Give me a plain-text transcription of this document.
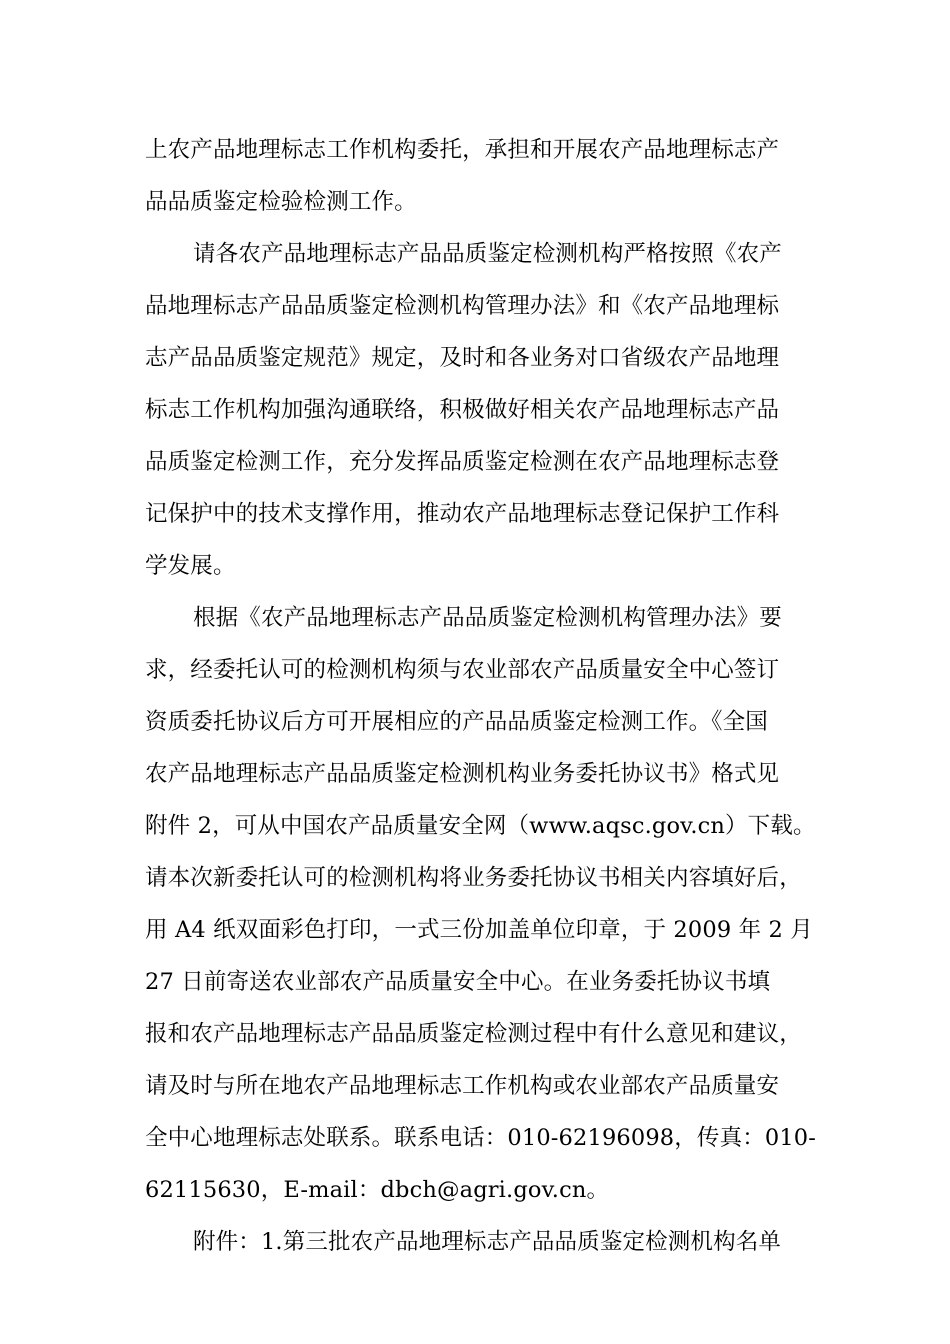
上农产品地理标志工作机构委托，承担和开展农产品地理标志产
品品质鉴定检验检测工作。
请各农产品地理标志产品品质鉴定检测机构严格按照《农产
品地理标志产品品质鉴定检测机构管理办法》和《农产品地理标
志产品品质鉴定规范》规定，及时和各业务对口省级农产品地理
标志工作机构加强沟通联络，积极做好相关农产品地理标志产品
品质鉴定检测工作，充分发挥品质鉴定检测在农产品地理标志登
记保护中的技术支撑作用，推动农产品地理标志登记保护工作科
学发展。
根据《农产品地理标志产品品质鉴定检测机构管理办法》要
求，经委托认可的检测机构须与农业部农产品质量安全中心签订
资质委托协议后方可开展相应的产品品质鉴定检测工作。《全国
农产品地理标志产品品质鉴定检测机构业务委托协议书》格式见
附件 2，可从中国农产品质量安全网（www.aqsc.gov.cn）下载。
请本次新委托认可的检测机构将业务委托协议书相关内容填好后，
用 A4 纸双面彩色打印，一式三份加盖单位印章，于 2009 年 2 月
27 日前寄送农业部农产品质量安全中心。在业务委托协议书填
报和农产品地理标志产品品质鉴定检测过程中有什么意见和建议，
请及时与所在地农产品地理标志工作机构或农业部农产品质量安
全中心地理标志处联系。联系电话：010-62196098，传真：010-
62115630，E-mail：dbch@agri.gov.cn。
附件：1.第三批农产品地理标志产品品质鉴定检测机构名单
